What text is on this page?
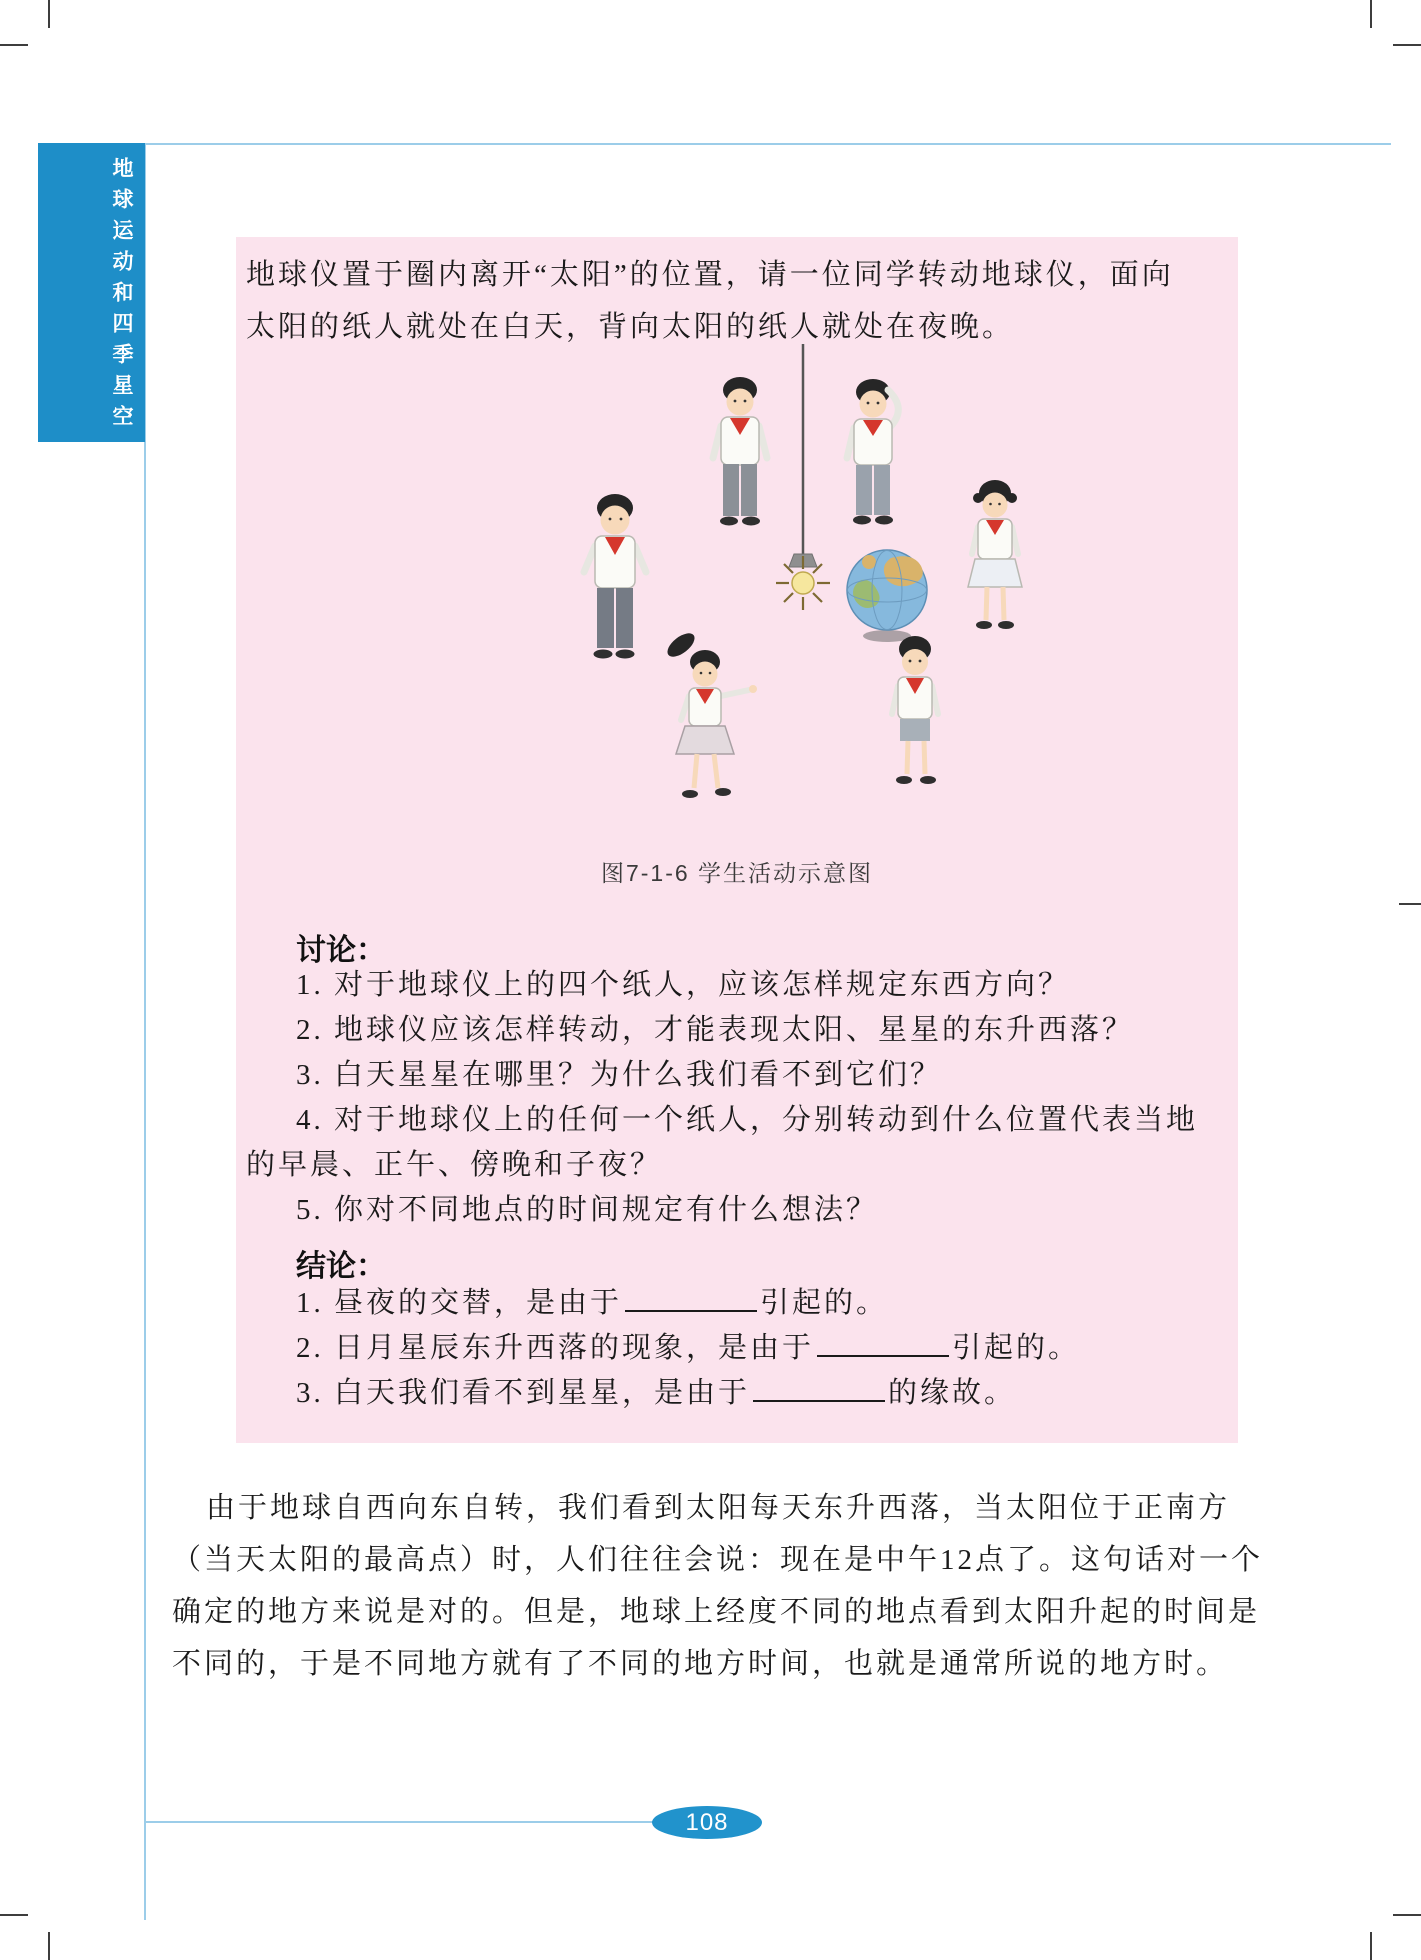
地球运动和四季星空	地球仪置于圈内离开“太阳”的位置，请一位同学转动地球仪，面向
太阳的纸人就处在白天，背向太阳的纸人就处在夜晚。
图7-1-6 学生活动示意图
讨论：
1. 对于地球仪上的四个纸人，应该怎样规定东西方向？
2. 地球仪应该怎样转动，才能表现太阳、星星的东升西落？
3. 白天星星在哪里？为什么我们看不到它们？
4. 对于地球仪上的任何一个纸人，分别转动到什么位置代表当地
的早晨、正午、傍晚和子夜？
5. 你对不同地点的时间规定有什么想法？
结论：
1. 昼夜的交替，是由于	引起的。
2. 日月星辰东升西落的现象，是由于	引起的。
3. 白天我们看不到星星，是由于	的缘故。
由于地球自西向东自转，我们看到太阳每天东升西落，当太阳位于正南方
（当天太阳的最高点）时，人们往往会说：现在是中午12点了。这句话对一个
确定的地方来说是对的。但是，地球上经度不同的地点看到太阳升起的时间是
不同的，于是不同地方就有了不同的地方时间，也就是通常所说的地方时。
108
